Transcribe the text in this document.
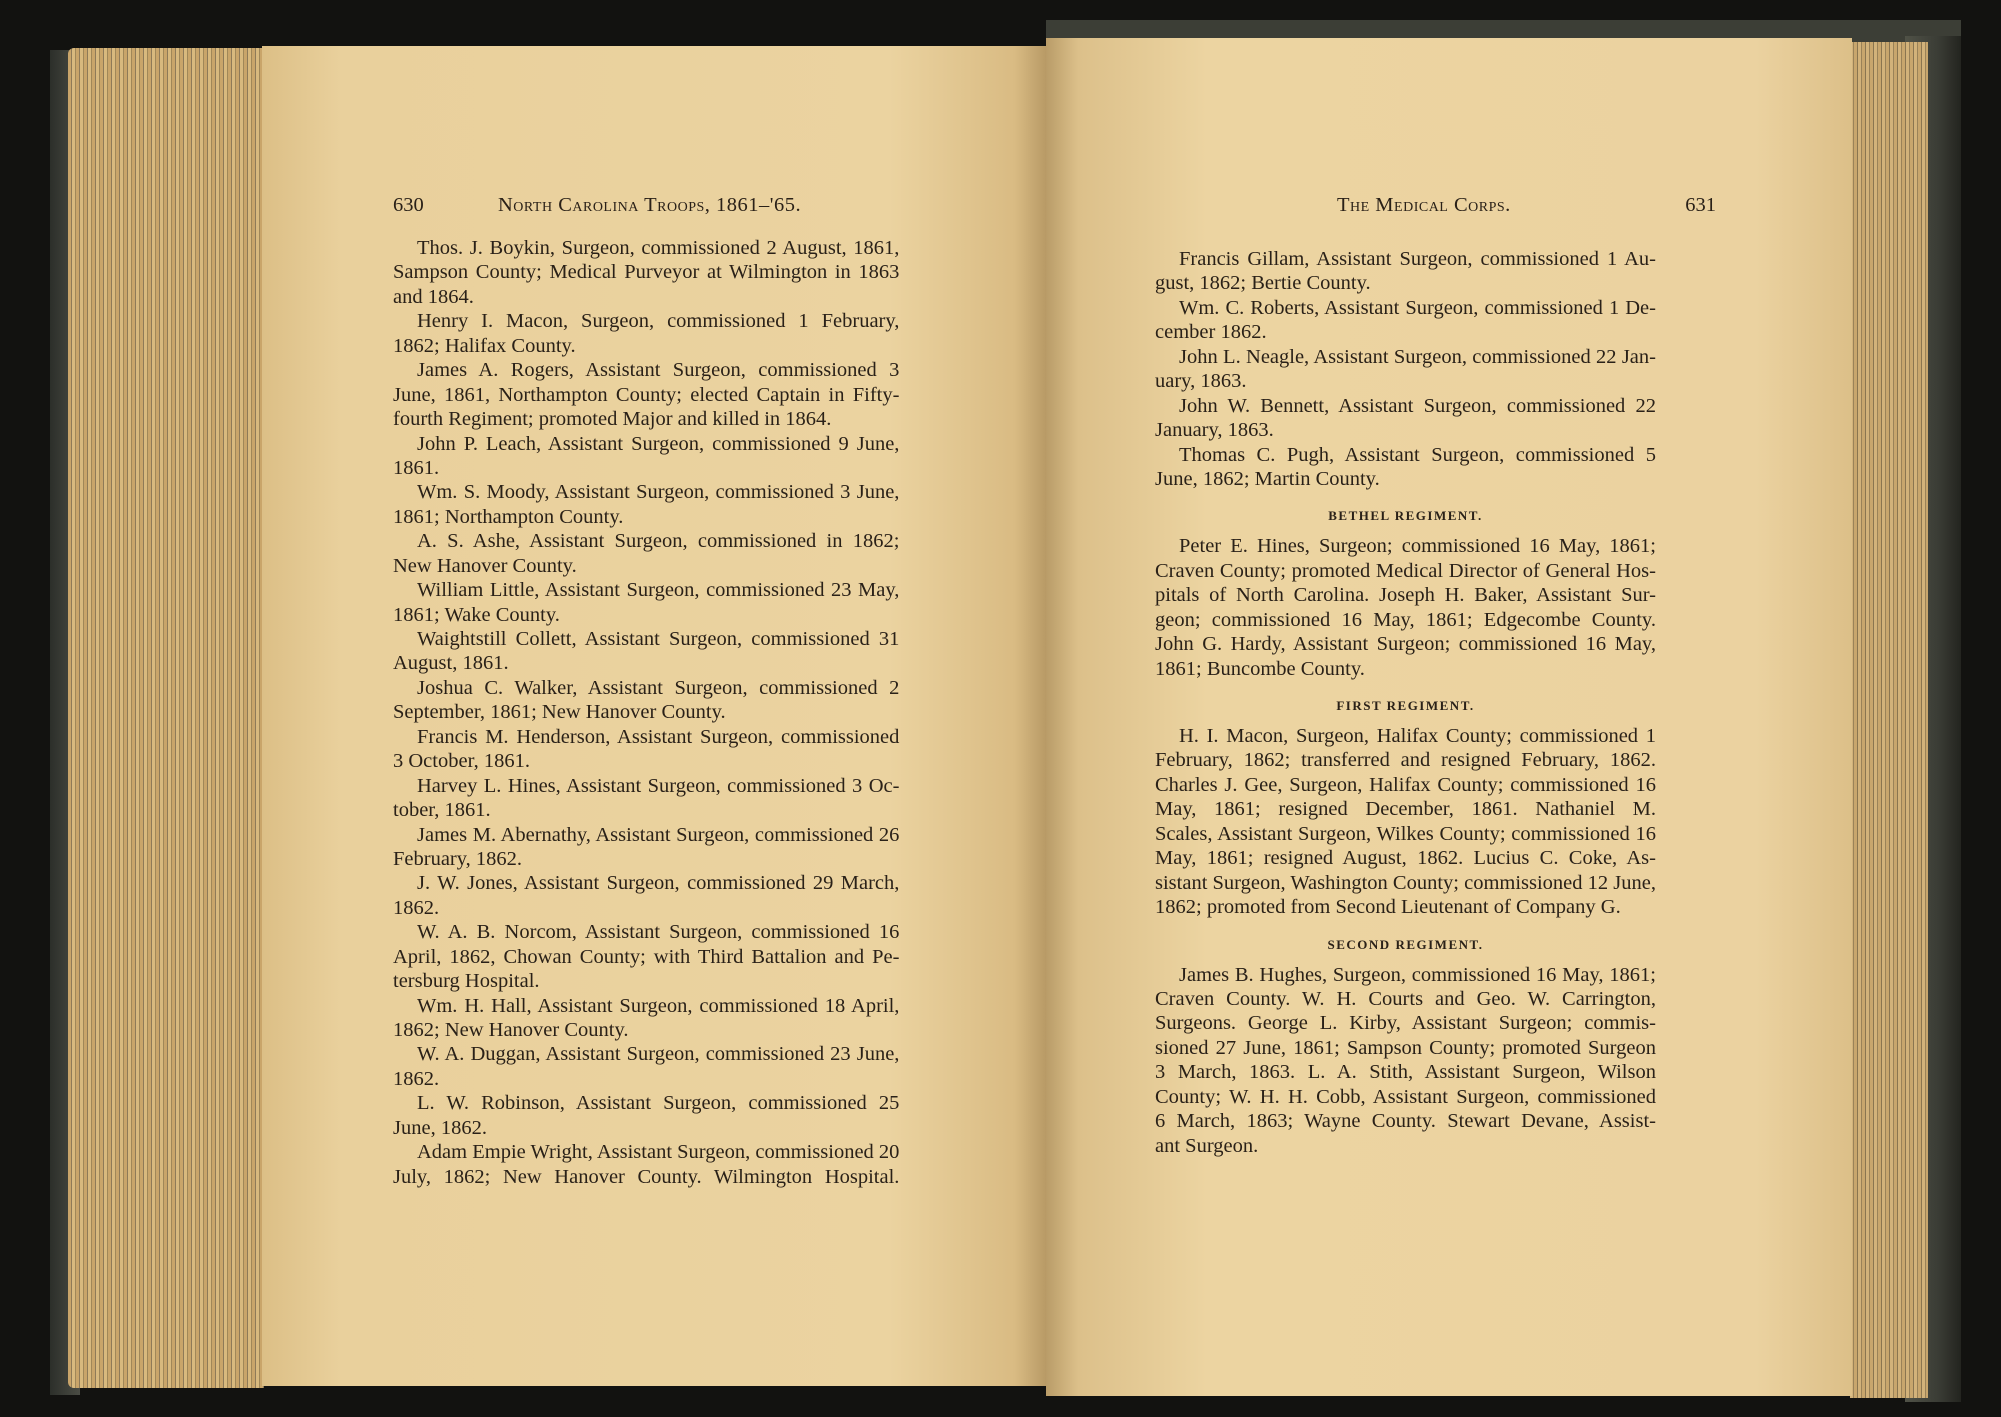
630	North Carolina Troops, 1861–'65.	The Medical Corps.	631
Thos. J. Boykin, Surgeon, commissioned 2 August, 1861,
Sampson County; Medical Purveyor at Wilmington in 1863
and 1864.
Henry I. Macon, Surgeon, commissioned 1 February,
1862; Halifax County.
James A. Rogers, Assistant Surgeon, commissioned 3
June, 1861, Northampton County; elected Captain in Fifty-
fourth Regiment; promoted Major and killed in 1864.
John P. Leach, Assistant Surgeon, commissioned 9 June,
1861.
Wm. S. Moody, Assistant Surgeon, commissioned 3 June,
1861; Northampton County.
A. S. Ashe, Assistant Surgeon, commissioned in 1862;
New Hanover County.
William Little, Assistant Surgeon, commissioned 23 May,
1861; Wake County.
Waightstill Collett, Assistant Surgeon, commissioned 31
August, 1861.
Joshua C. Walker, Assistant Surgeon, commissioned 2
September, 1861; New Hanover County.
Francis M. Henderson, Assistant Surgeon, commissioned
3 October, 1861.
Harvey L. Hines, Assistant Surgeon, commissioned 3 Oc-
tober, 1861.
James M. Abernathy, Assistant Surgeon, commissioned 26
February, 1862.
J. W. Jones, Assistant Surgeon, commissioned 29 March,
1862.
W. A. B. Norcom, Assistant Surgeon, commissioned 16
April, 1862, Chowan County; with Third Battalion and Pe-
tersburg Hospital.
Wm. H. Hall, Assistant Surgeon, commissioned 18 April,
1862; New Hanover County.
W. A. Duggan, Assistant Surgeon, commissioned 23 June,
1862.
L. W. Robinson, Assistant Surgeon, commissioned 25
June, 1862.
Adam Empie Wright, Assistant Surgeon, commissioned 20
July, 1862; New Hanover County. Wilmington Hospital.
Francis Gillam, Assistant Surgeon, commissioned 1 Au-
gust, 1862; Bertie County.
Wm. C. Roberts, Assistant Surgeon, commissioned 1 De-
cember 1862.
John L. Neagle, Assistant Surgeon, commissioned 22 Jan-
uary, 1863.
John W. Bennett, Assistant Surgeon, commissioned 22
January, 1863.
Thomas C. Pugh, Assistant Surgeon, commissioned 5
June, 1862; Martin County.
BETHEL REGIMENT.
Peter E. Hines, Surgeon; commissioned 16 May, 1861;
Craven County; promoted Medical Director of General Hos-
pitals of North Carolina. Joseph H. Baker, Assistant Sur-
geon; commissioned 16 May, 1861; Edgecombe County.
John G. Hardy, Assistant Surgeon; commissioned 16 May,
1861; Buncombe County.
FIRST REGIMENT.
H. I. Macon, Surgeon, Halifax County; commissioned 1
February, 1862; transferred and resigned February, 1862.
Charles J. Gee, Surgeon, Halifax County; commissioned 16
May, 1861; resigned December, 1861. Nathaniel M.
Scales, Assistant Surgeon, Wilkes County; commissioned 16
May, 1861; resigned August, 1862. Lucius C. Coke, As-
sistant Surgeon, Washington County; commissioned 12 June,
1862; promoted from Second Lieutenant of Company G.
SECOND REGIMENT.
James B. Hughes, Surgeon, commissioned 16 May, 1861;
Craven County. W. H. Courts and Geo. W. Carrington,
Surgeons. George L. Kirby, Assistant Surgeon; commis-
sioned 27 June, 1861; Sampson County; promoted Surgeon
3 March, 1863. L. A. Stith, Assistant Surgeon, Wilson
County; W. H. H. Cobb, Assistant Surgeon, commissioned
6 March, 1863; Wayne County. Stewart Devane, Assist-
ant Surgeon.
